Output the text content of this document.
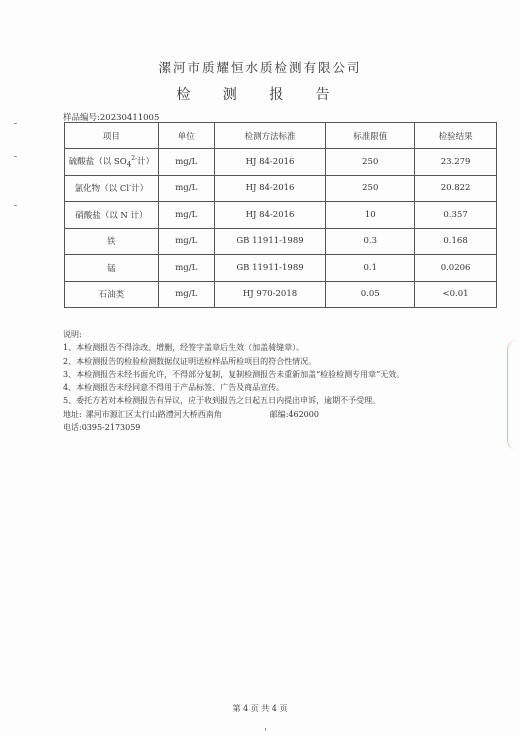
漯河市质耀恒水质检测有限公司
检 测 报 告
样品编号:20230411005
项目	单位	检测方法标准	标准限值	检验结果
硫酸盐（以 $SO_4^{2-}$计）	mg/L	HJ 84-2016	250	23.279
氯化物（以 Cl-计）	mg/L	HJ 84-2016	250	20.822
硝酸盐（以 N 计）	mg/L	HJ 84-2016	10	0.357
铁	mg/L	GB 11911-1989	0.3	0.168
锰	mg/L	GB 11911-1989	0.1	0.0206
石油类	mg/L	HJ 970-2018	0.05	<0.01
说明:
1、本检测报告不得涂改、增删，经签字盖章后生效（加盖骑缝章）。
2、本检测报告的检验检测数据仅证明送检样品所检项目的符合性情况。
3、本检测报告未经书面允许，不得部分复制，复制检测报告未重新加盖“检验检测专用章”无效。
4、本检测报告未经同意不得用于产品标签、广告及商品宣传。
5、委托方若对本检测报告有异议，应于收到报告之日起五日内提出申诉，逾期不予受理。
地址: 漯河市源汇区太行山路澧河大桥西南角	邮编:462000
电话:0395-2173059
第 4 页 共 4 页
